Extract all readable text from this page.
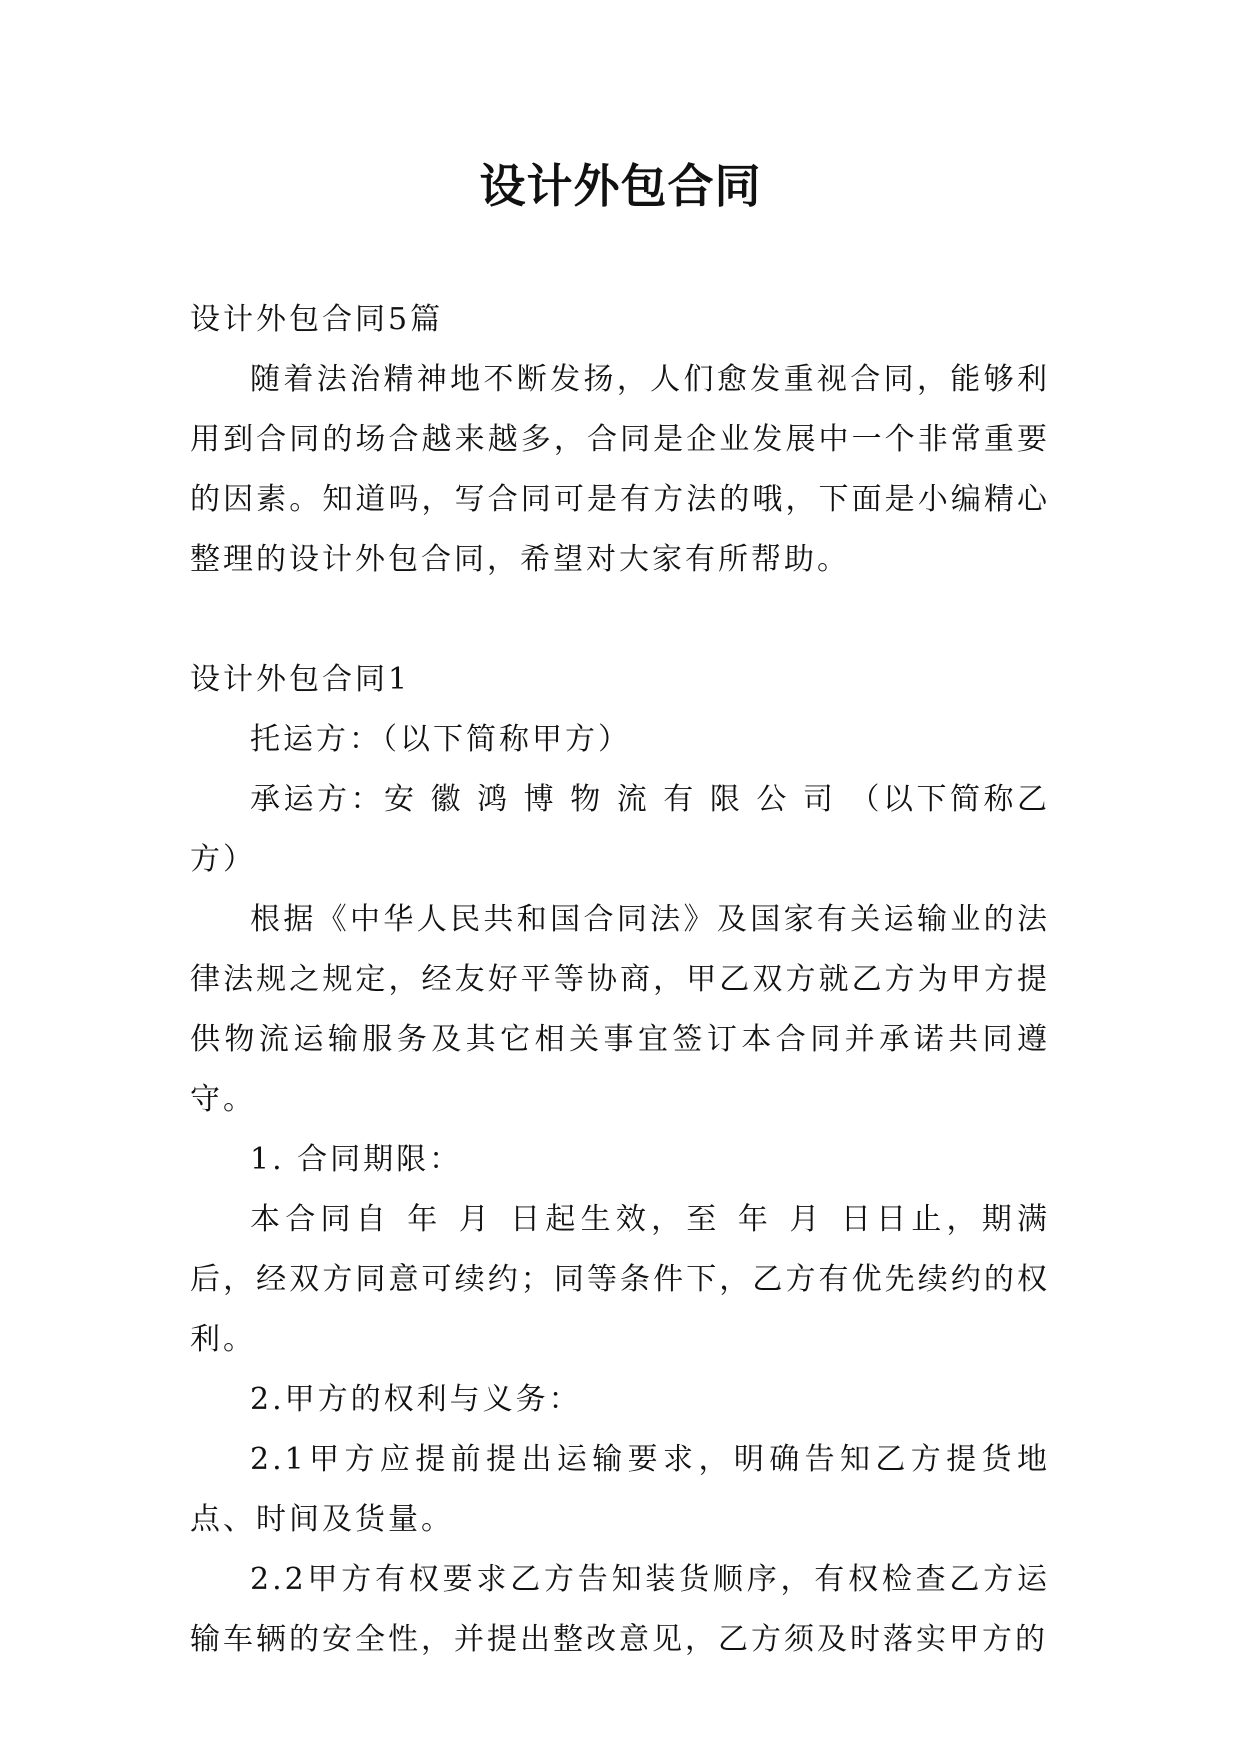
设计外包合同

设计外包合同5篇

随着法治精神地不断发扬，人们愈发重视合同，能够利用到合同的场合越来越多，合同是企业发展中一个非常重要的因素。知道吗，写合同可是有方法的哦，下面是小编精心整理的设计外包合同，希望对大家有所帮助。

设计外包合同1

托运方：（以下简称甲方）

承运方：安 徽 鸿 博 物 流 有 限 公 司 （以下简称乙方）

根据《中华人民共和国合同法》及国家有关运输业的法律法规之规定，经友好平等协商，甲乙双方就乙方为甲方提供物流运输服务及其它相关事宜签订本合同并承诺共同遵守。

1. 合同期限：

本合同自 年 月 日起生效，至 年 月 日日止，期满后，经双方同意可续约；同等条件下，乙方有优先续约的权利。

2.甲方的权利与义务：

2.1甲方应提前提出运输要求，明确告知乙方提货地点、时间及货量。

2.2甲方有权要求乙方告知装货顺序，有权检查乙方运输车辆的安全性，并提出整改意见，乙方须及时落实甲方的
